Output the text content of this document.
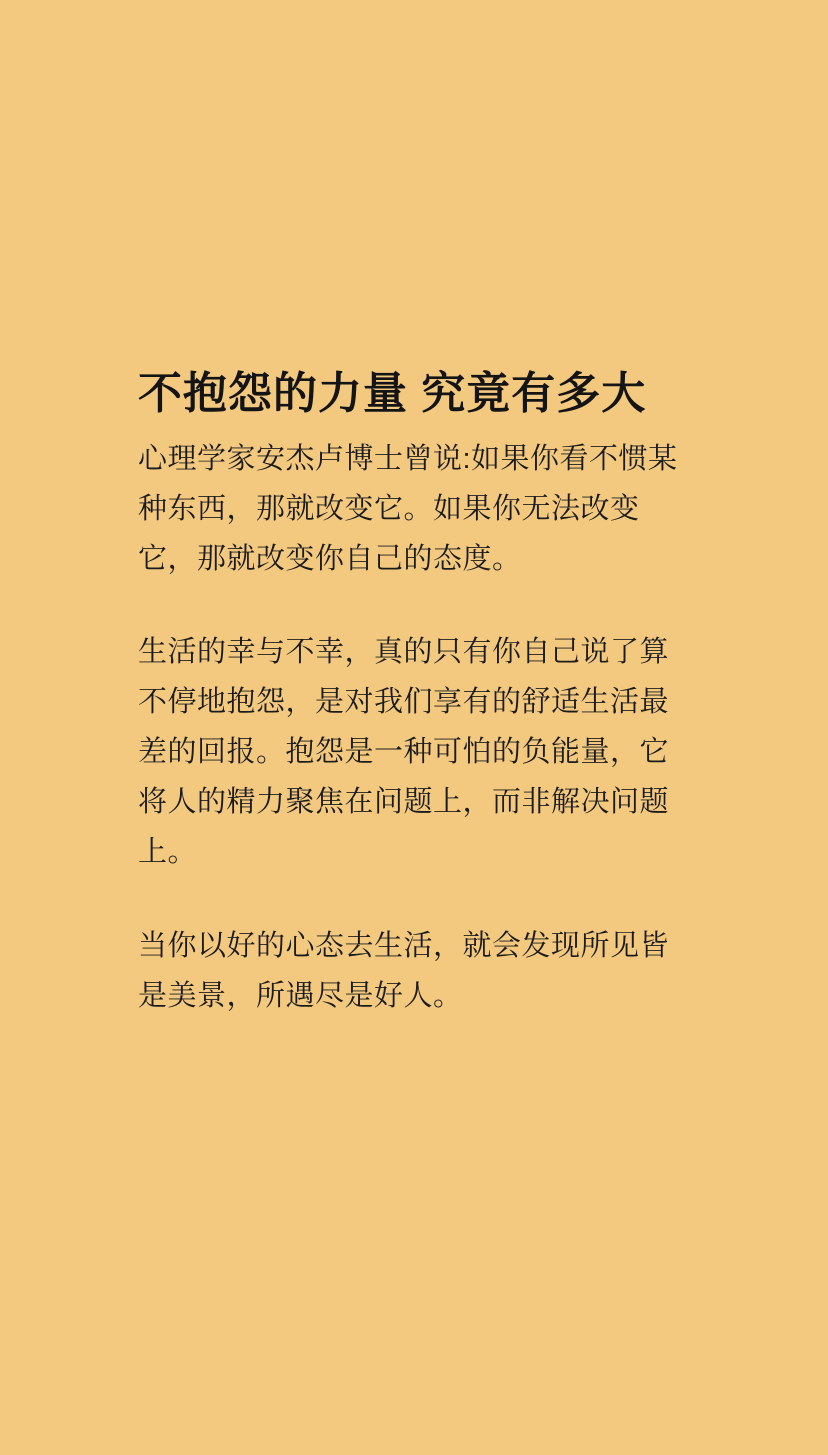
不抱怨的力量 究竟有多大

心理学家安杰卢博士曾说:如果你看不惯某种东西，那就改变它。如果你无法改变它，那就改变你自己的态度。

生活的幸与不幸，真的只有你自己说了算不停地抱怨，是对我们享有的舒适生活最差的回报。抱怨是一种可怕的负能量，它将人的精力聚焦在问题上，而非解决问题上。

当你以好的心态去生活，就会发现所见皆是美景，所遇尽是好人。
